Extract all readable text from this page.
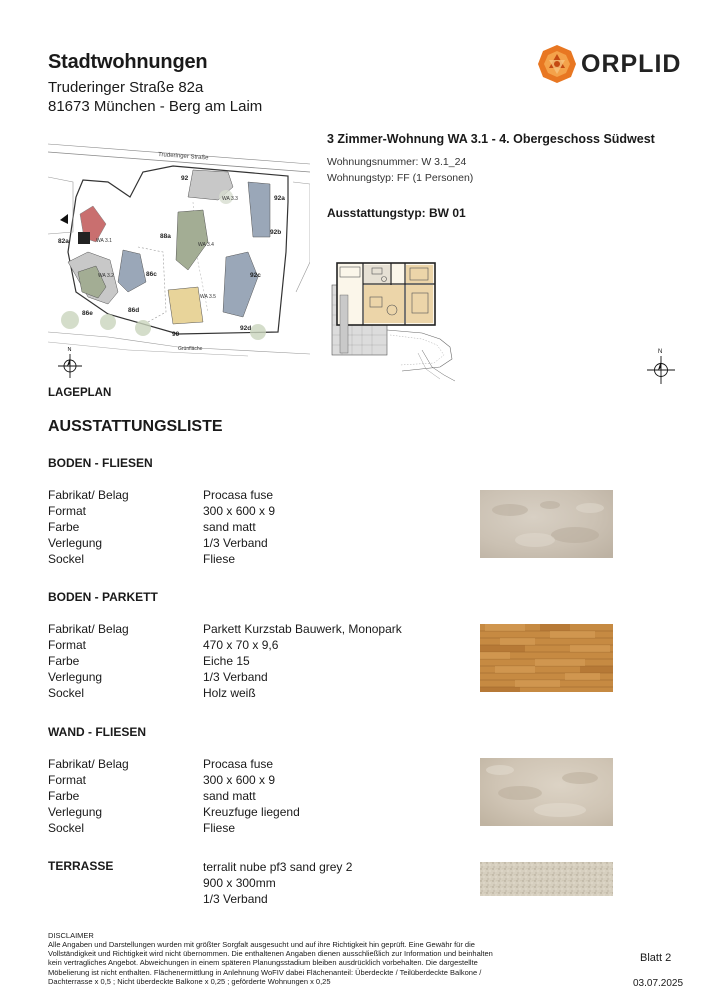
Stadtwohnungen
Truderinger Straße 82a
81673 München - Berg am Laim
ORPLID
3 Zimmer-Wohnung WA 3.1 - 4. Obergeschoss Südwest
Wohnungsnummer: W 3.1_24
Wohnungstyp: FF (1 Personen)
Ausstattungstyp: BW 01
Truderinger Straße
92
92a
82a
88a
92b
86c	92c
86e	86d
90
92d
WA 3.3
WA 3.1
WA 3.4
WA 3.2
WA 3.5
Grünfläche
N	N
LAGEPLAN
AUSSTATTUNGSLISTE
BODEN - FLIESEN
Fabrikat/ Belag	Procasa fuse
Format	300 x 600 x 9
Farbe	sand matt
Verlegung	1/3 Verband
Sockel	Fliese
BODEN - PARKETT
Fabrikat/ Belag	Parkett Kurzstab Bauwerk, Monopark
Format	470 x 70 x 9,6
Farbe	Eiche 15
Verlegung	1/3 Verband
Sockel	Holz weiß
WAND - FLIESEN
Fabrikat/ Belag	Procasa fuse
Format	300 x 600 x 9
Farbe	sand matt
Verlegung	Kreuzfuge liegend
Sockel	Fliese
TERRASSE	terralit nube pf3 sand grey 2
900 x 300mm
1/3 Verband
DISCLAIMER
Alle Angaben und Darstellungen wurden mit größter Sorgfalt ausgesucht und auf ihre Richtigkeit hin geprüft. Eine Gewähr für die Vollständigkeit und Richtigkeit wird nicht übernommen. Die enthaltenen Angaben dienen ausschließlich zur Information und beinhalten kein vertragliches Angebot. Abweichungen in einem späteren Planungsstadium bleiben ausdrücklich vorbehalten. Die dargestellte Möbelierung ist nicht enthalten. Flächenermittlung in Anlehnung WoFIV dabei Flächenanteil: Überdeckte / Teilüberdeckte Balkone / Dachterrasse x 0,5 ; Nicht überdeckte Balkone x 0,25 ; geförderte Wohnungen x 0,25
Blatt 2
03.07.2025
